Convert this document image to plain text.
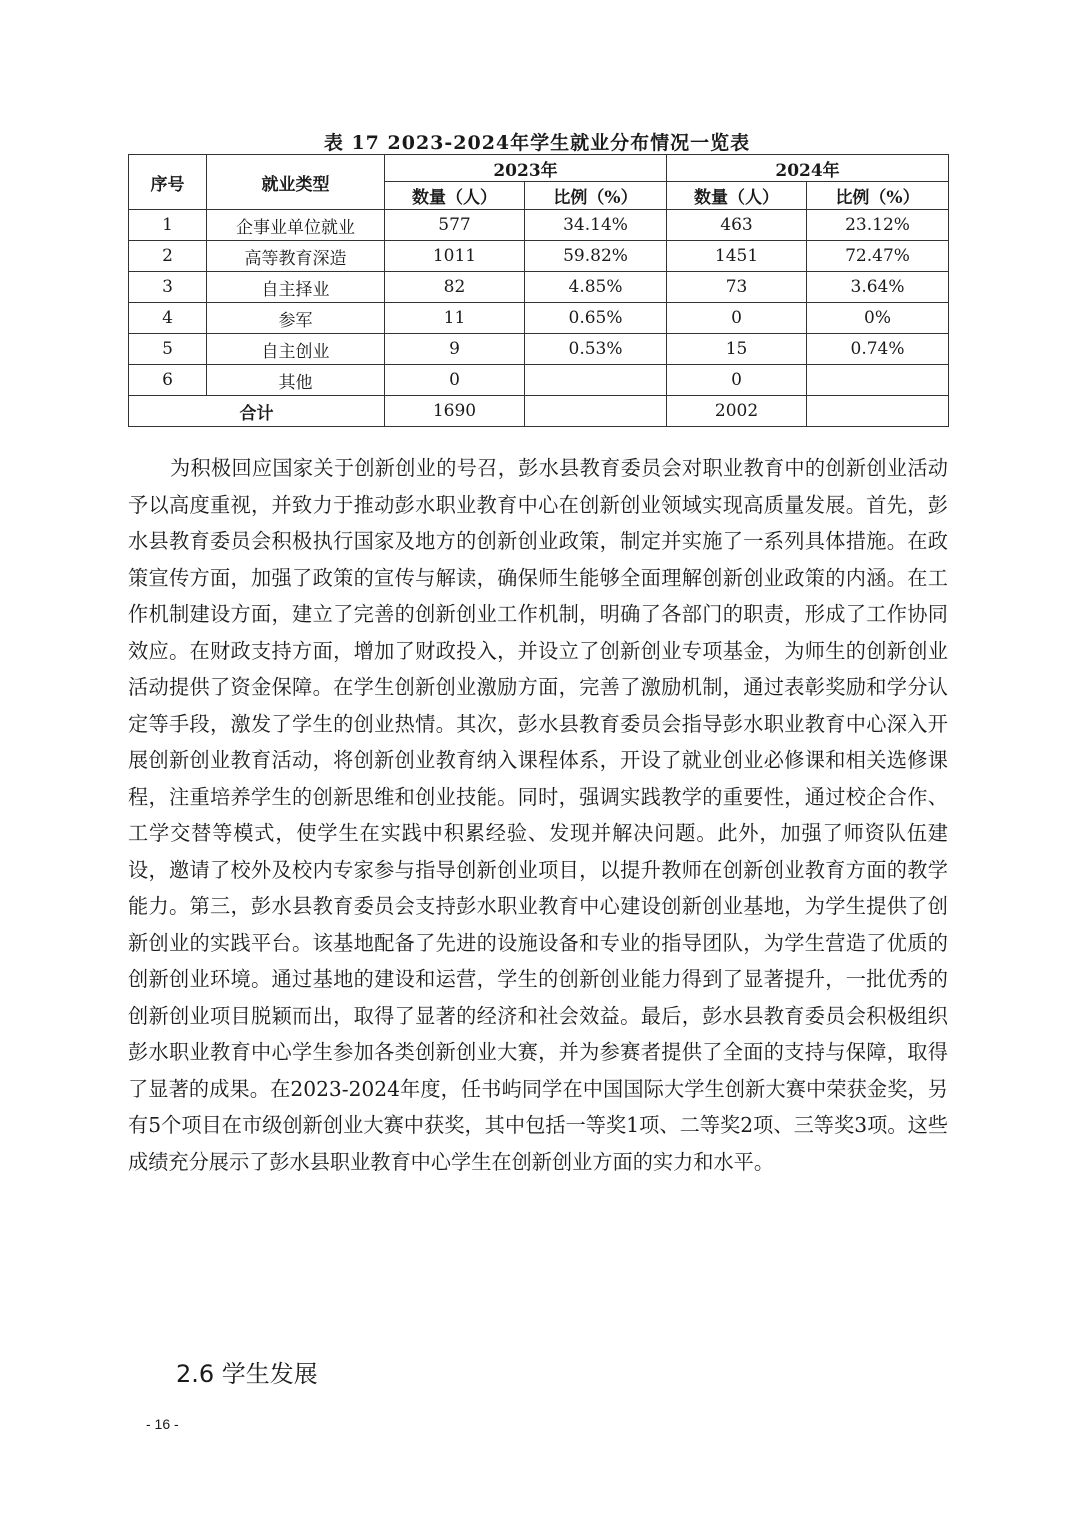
表 17 2023-2024年学生就业分布情况一览表
序号	就业类型	2023年		2024年	
		数量（人）	比例（%）	数量（人）	比例（%）
1	企事业单位就业	577	34.14%	463	23.12%
2	高等教育深造	1011	59.82%	1451	72.47%
3	自主择业	82	4.85%	73	3.64%
4	参军	11	0.65%	0	0%
5	自主创业	9	0.53%	15	0.74%
6	其他	0		0	
合计		1690		2002	

为积极回应国家关于创新创业的号召，彭水县教育委员会对职业教育中的创新创业活动予以高度重视，并致力于推动彭水职业教育中心在创新创业领域实现高质量发展。首先，彭水县教育委员会积极执行国家及地方的创新创业政策，制定并实施了一系列具体措施。在政策宣传方面，加强了政策的宣传与解读，确保师生能够全面理解创新创业政策的内涵。在工作机制建设方面，建立了完善的创新创业工作机制，明确了各部门的职责，形成了工作协同效应。在财政支持方面，增加了财政投入，并设立了创新创业专项基金，为师生的创新创业活动提供了资金保障。在学生创新创业激励方面，完善了激励机制，通过表彰奖励和学分认定等手段，激发了学生的创业热情。其次，彭水县教育委员会指导彭水职业教育中心深入开展创新创业教育活动，将创新创业教育纳入课程体系，开设了就业创业必修课和相关选修课程，注重培养学生的创新思维和创业技能。同时，强调实践教学的重要性，通过校企合作、工学交替等模式，使学生在实践中积累经验、发现并解决问题。此外，加强了师资队伍建设，邀请了校外及校内专家参与指导创新创业项目，以提升教师在创新创业教育方面的教学能力。第三，彭水县教育委员会支持彭水职业教育中心建设创新创业基地，为学生提供了创新创业的实践平台。该基地配备了先进的设施设备和专业的指导团队，为学生营造了优质的创新创业环境。通过基地的建设和运营，学生的创新创业能力得到了显著提升，一批优秀的创新创业项目脱颖而出，取得了显著的经济和社会效益。最后，彭水县教育委员会积极组织彭水职业教育中心学生参加各类创新创业大赛，并为参赛者提供了全面的支持与保障，取得了显著的成果。在2023-2024年度，任书屿同学在中国国际大学生创新大赛中荣获金奖，另有5个项目在市级创新创业大赛中获奖，其中包括一等奖1项、二等奖2项、三等奖3项。这些成绩充分展示了彭水县职业教育中心学生在创新创业方面的实力和水平。

2.6 学生发展
- 16 -
